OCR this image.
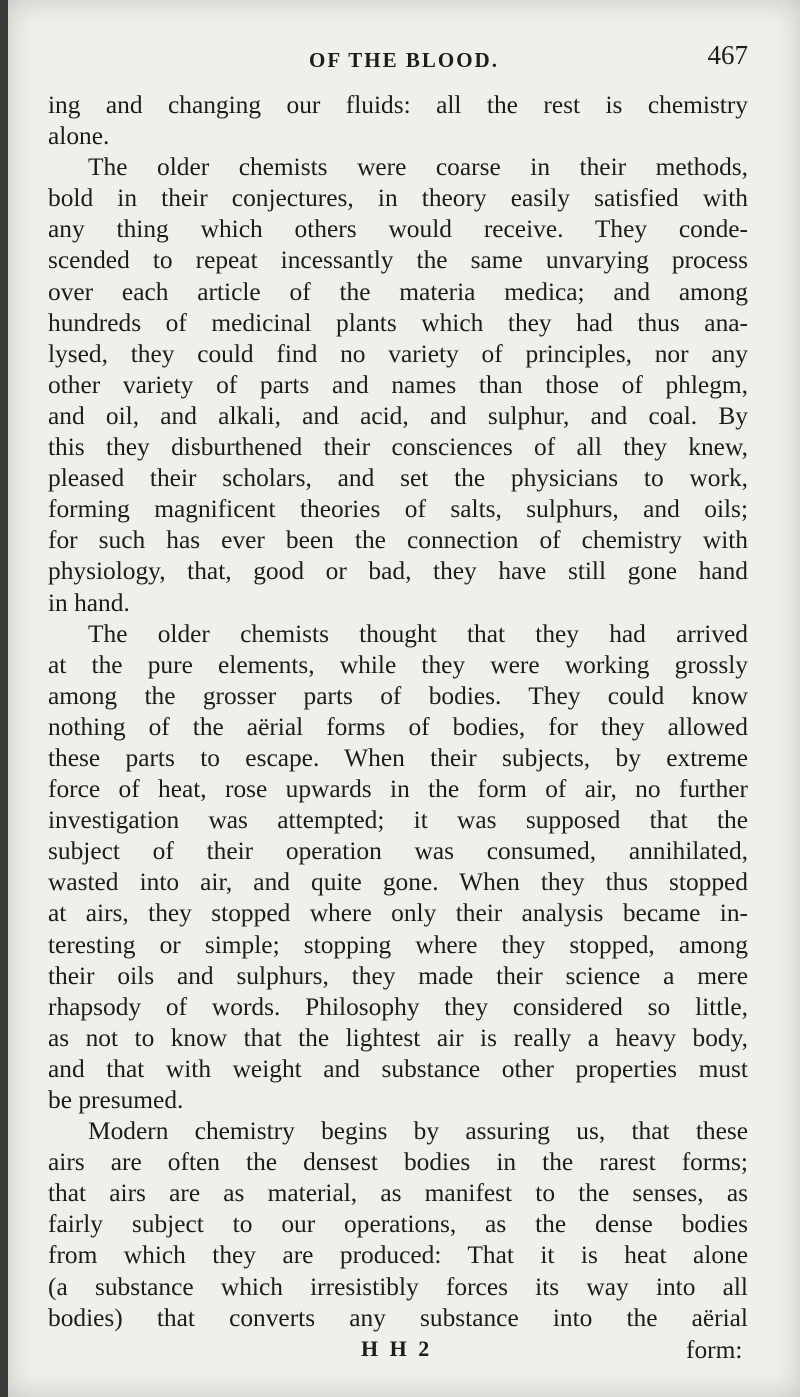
OF THE BLOOD.	467
ing and changing our fluids: all the rest is chemistry
alone.
The older chemists were coarse in their methods,
bold in their conjectures, in theory easily satisfied with
any thing which others would receive. They conde-
scended to repeat incessantly the same unvarying process
over each article of the materia medica; and among
hundreds of medicinal plants which they had thus ana-
lysed, they could find no variety of principles, nor any
other variety of parts and names than those of phlegm,
and oil, and alkali, and acid, and sulphur, and coal. By
this they disburthened their consciences of all they knew,
pleased their scholars, and set the physicians to work,
forming magnificent theories of salts, sulphurs, and oils;
for such has ever been the connection of chemistry with
physiology, that, good or bad, they have still gone hand
in hand.
The older chemists thought that they had arrived
at the pure elements, while they were working grossly
among the grosser parts of bodies. They could know
nothing of the aërial forms of bodies, for they allowed
these parts to escape. When their subjects, by extreme
force of heat, rose upwards in the form of air, no further
investigation was attempted; it was supposed that the
subject of their operation was consumed, annihilated,
wasted into air, and quite gone. When they thus stopped
at airs, they stopped where only their analysis became in-
teresting or simple; stopping where they stopped, among
their oils and sulphurs, they made their science a mere
rhapsody of words. Philosophy they considered so little,
as not to know that the lightest air is really a heavy body,
and that with weight and substance other properties must
be presumed.
Modern chemistry begins by assuring us, that these
airs are often the densest bodies in the rarest forms;
that airs are as material, as manifest to the senses, as
fairly subject to our operations, as the dense bodies
from which they are produced: That it is heat alone
(a substance which irresistibly forces its way into all
bodies) that converts any substance into the aërial
H H 2	form:
